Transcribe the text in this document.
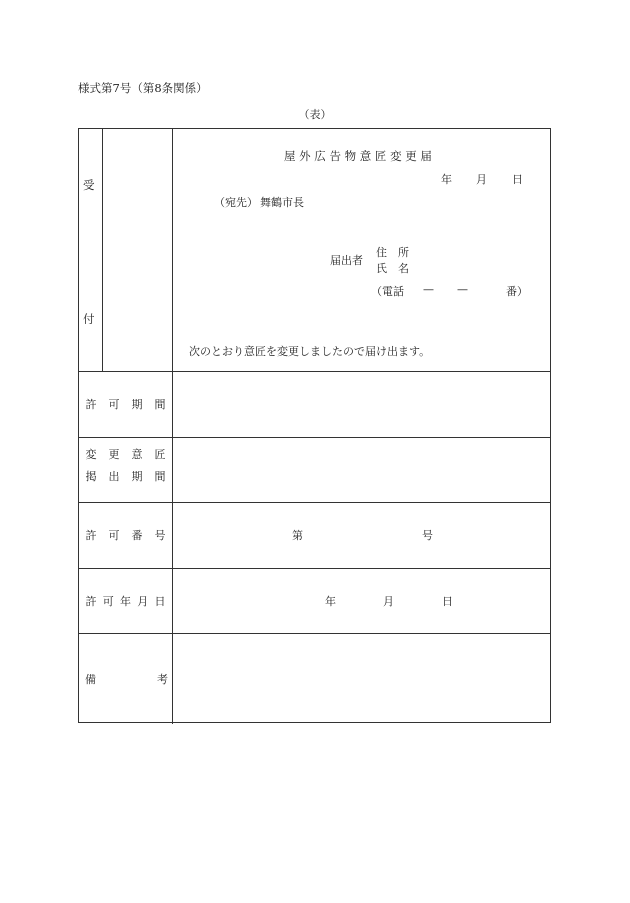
様式第7号（第8条関係）
（表）
受
付
屋 外 広 告 物 意 匠 変 更 届
年 月 日
（宛先） 舞鶴市長
届出者
住　所
氏　名
（電話 — —	番）
次のとおり意匠を変更しましたので届け出ます。
許　可　期　間
変　更　意　匠
掲　出　期　間
許　可　番　号	第	号
許可年月日	年	月	日
備	考
